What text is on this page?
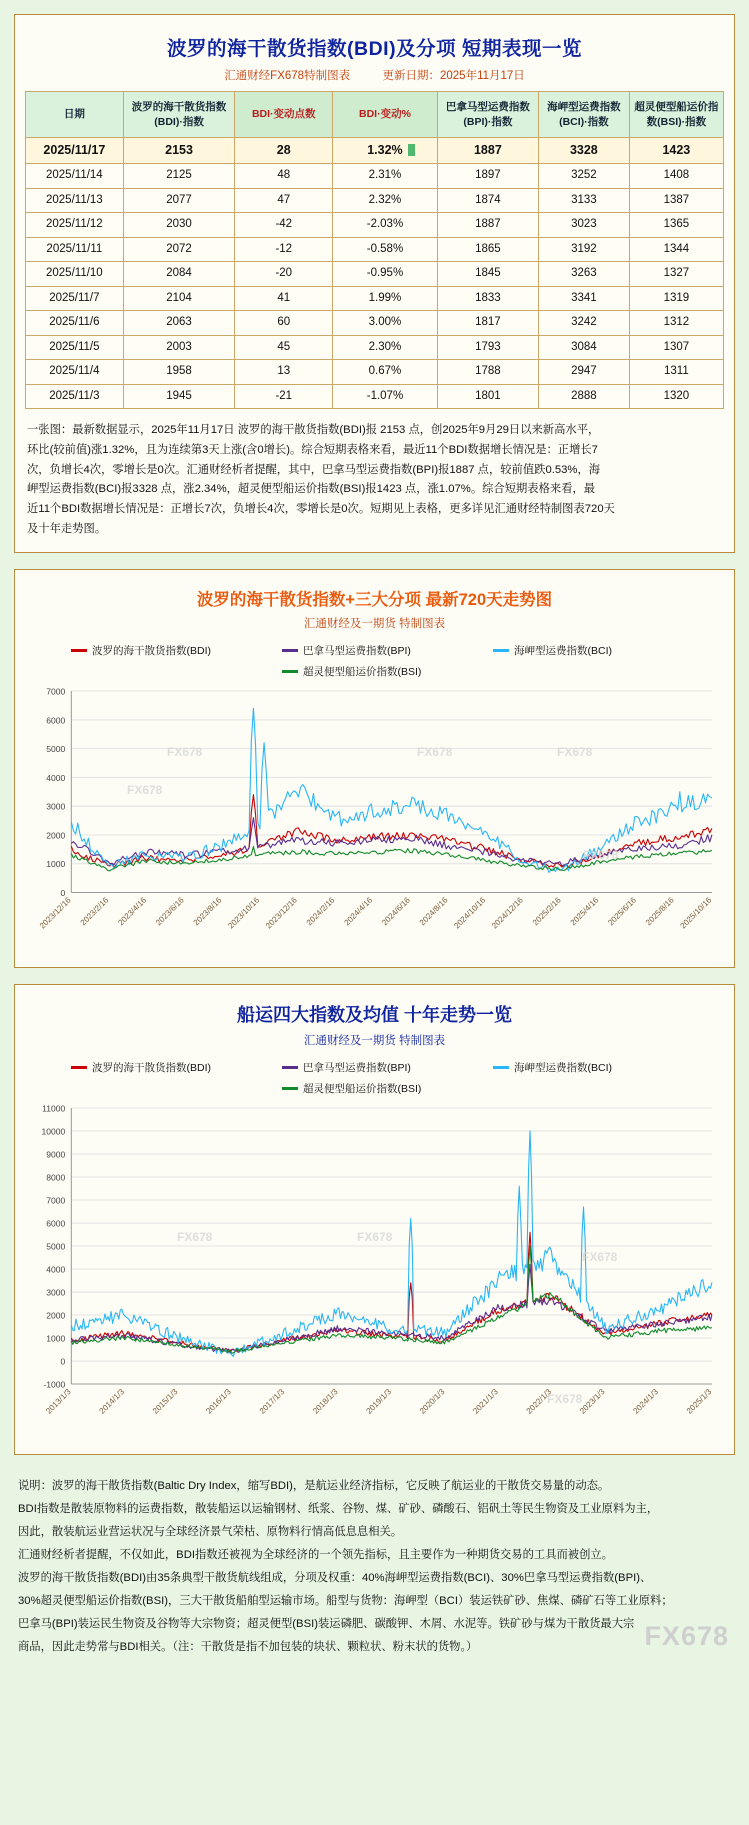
波罗的海干散货指数(BDI)及分项 短期表现一览
汇通财经FX678特制图表	更新日期：2025年11月17日
日期	波罗的海干散货指数(BDI)·指数	BDI·变动点数	BDI·变动%	巴拿马型运费指数(BPI)·指数	海岬型运费指数(BCI)·指数	超灵便型船运价指数(BSI)·指数
2025/11/17	2153	28	1.32%	1887	3328	1423
2025/11/14	2125	48	2.31%	1897	3252	1408
2025/11/13	2077	47	2.32%	1874	3133	1387
2025/11/12	2030	-42	-2.03%	1887	3023	1365
2025/11/11	2072	-12	-0.58%	1865	3192	1344
2025/11/10	2084	-20	-0.95%	1845	3263	1327
2025/11/7	2104	41	1.99%	1833	3341	1319
2025/11/6	2063	60	3.00%	1817	3242	1312
2025/11/5	2003	45	2.30%	1793	3084	1307
2025/11/4	1958	13	0.67%	1788	2947	1311
2025/11/3	1945	-21	-1.07%	1801	2888	1320
一张图：最新数据显示，2025年11月17日 波罗的海干散货指数(BDI)报 2153 点，创2025年9月29日以来新高水平，
环比(较前值)涨1.32%，且为连续第3天上涨(含0增长)。综合短期表格来看，最近11个BDI数据增长情况是：正增长7
次，负增长4次，零增长是0次。汇通财经析者提醒，其中，巴拿马型运费指数(BPI)报1887 点，较前值跌0.53%，海
岬型运费指数(BCI)报3328 点，涨2.34%，超灵便型船运价指数(BSI)报1423 点，涨1.07%。综合短期表格来看，最
近11个BDI数据增长情况是：正增长7次，负增长4次，零增长是0次。短期见上表格，更多详见汇通财经特制图表720天
及十年走势图。
波罗的海干散货指数+三大分项 最新720天走势图
汇通财经及一期货 特制图表
波罗的海干散货指数(BDI)	巴拿马型运费指数(BPI)	海岬型运费指数(BCI)
超灵便型船运价指数(BSI)
FX678
FX678
FX678	FX678
FX678
0
1000
2000
3000
4000
5000
6000
7000
2023/12/16 2023/2/16 2023/4/16 2023/6/16 2023/8/16 2023/10/16 2023/12/16 2024/2/16 2024/4/16 2024/6/16 2024/8/16 2024/10/16 2024/12/16 2025/2/16 2025/4/16 2025/6/16 2025/8/16 2025/10/16
船运四大指数及均值 十年走势一览
汇通财经及一期货 特制图表
波罗的海干散货指数(BDI)	巴拿马型运费指数(BPI)	海岬型运费指数(BCI)
超灵便型船运价指数(BSI)
FX678	FX678
FX678
FX678
-1000
0
1000
2000
3000
4000
5000
6000
7000
8000
9000
10000
11000
2013/1/3	2014/1/3	2015/1/3	2016/1/3	2017/1/3	2018/1/3	2019/1/3	2020/1/3	2021/1/3	2022/1/3	2023/1/3	2024/1/3	2025/1/3

说明：波罗的海干散货指数(Baltic Dry Index，缩写BDI)，是航运业经济指标，它反映了航运业的干散货交易量的动态。

BDI指数是散装原物料的运费指数，散装船运以运输钢材、纸浆、谷物、煤、矿砂、磷酸石、铝矾土等民生物资及工业原料为主，

因此，散装航运业营运状况与全球经济景气荣枯、原物料行情高低息息相关。

汇通财经析者提醒，不仅如此，BDI指数还被视为全球经济的一个领先指标，且主要作为一种期货交易的工具而被创立。

波罗的海干散货指数(BDI)由35条典型干散货航线组成，分项及权重：40%海岬型运费指数(BCI)、30%巴拿马型运费指数(BPI)、

30%超灵便型船运价指数(BSI)，三大干散货船舶型运输市场。船型与货物：海岬型（BCI）装运铁矿砂、焦煤、磷矿石等工业原料；

巴拿马(BPI)装运民生物资及谷物等大宗物资；超灵便型(BSI)装运磷肥、碳酸钾、木屑、水泥等。铁矿砂与煤为干散货最大宗

商品，因此走势常与BDI相关。（注：干散货是指不加包装的块状、颗粒状、粉末状的货物。）	FX678
